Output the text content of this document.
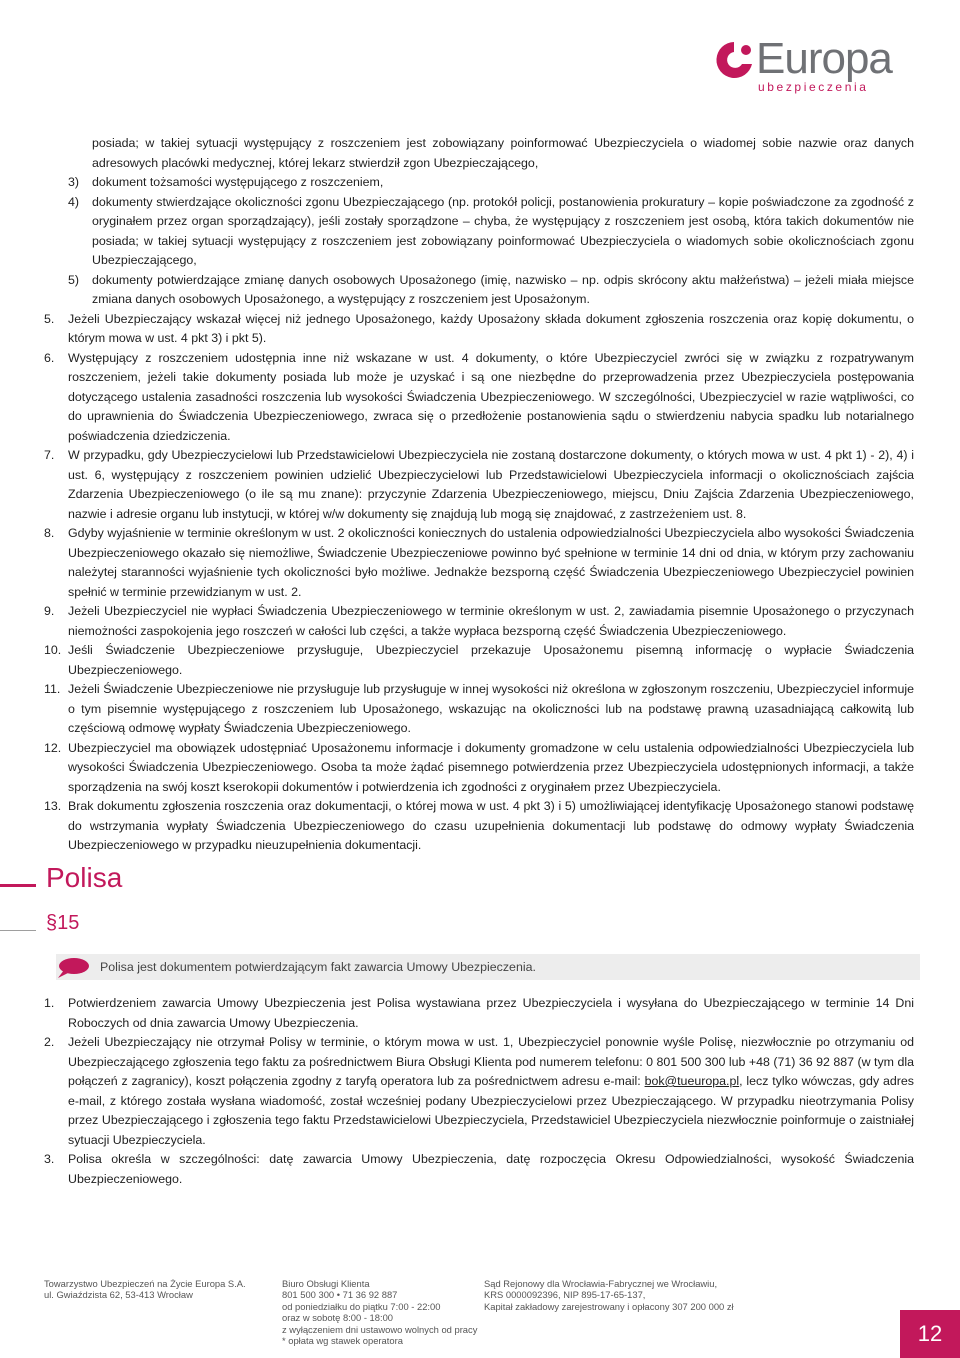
Europa
ubezpieczenia
posiada; w takiej sytuacji występujący z roszczeniem jest zobowiązany poinformować Ubezpieczyciela o wiadomej sobie nazwie oraz danych adresowych placówki medycznej, której lekarz stwierdził zgon Ubezpieczającego,
3)	dokument tożsamości występującego z roszczeniem,
4)	dokumenty stwierdzające okoliczności zgonu Ubezpieczającego (np. protokół policji, postanowienia prokuratury – kopie poświadczone za zgodność z oryginałem przez organ sporządzający), jeśli zostały sporządzone – chyba, że występujący z roszczeniem jest osobą, która takich dokumentów nie posiada; w takiej sytuacji występujący z roszczeniem jest zobowiązany poinformować Ubezpieczyciela o wiadomych sobie okolicznościach zgonu Ubezpieczającego,
5)	dokumenty potwierdzające zmianę danych osobowych Uposażonego (imię, nazwisko – np. odpis skrócony aktu małżeństwa) – jeżeli miała miejsce zmiana danych osobowych Uposażonego, a występujący z roszczeniem jest Uposażonym.
5.	Jeżeli Ubezpieczający wskazał więcej niż jednego Uposażonego, każdy Uposażony składa dokument zgłoszenia roszczenia oraz kopię dokumentu, o którym mowa w ust. 4 pkt 3) i pkt 5).
6.	Występujący z roszczeniem udostępnia inne niż wskazane w ust. 4 dokumenty, o które Ubezpieczyciel zwróci się w związku z rozpatrywanym roszczeniem, jeżeli takie dokumenty posiada lub może je uzyskać i są one niezbędne do przeprowadzenia przez Ubezpieczyciela postępowania dotyczącego ustalenia zasadności roszczenia lub wysokości Świadczenia Ubezpieczeniowego. W szczególności, Ubezpieczyciel w razie wątpliwości, co do uprawnienia do Świadczenia Ubezpieczeniowego, zwraca się o przedłożenie postanowienia sądu o stwierdzeniu nabycia spadku lub notarialnego poświadczenia dziedziczenia.
7.	W przypadku, gdy Ubezpieczycielowi lub Przedstawicielowi Ubezpieczyciela nie zostaną dostarczone dokumenty, o których mowa w ust. 4 pkt 1) - 2), 4) i ust. 6, występujący z roszczeniem powinien udzielić Ubezpieczycielowi lub Przedstawicielowi Ubezpieczyciela informacji o okolicznościach zajścia Zdarzenia Ubezpieczeniowego (o ile są mu znane): przyczynie Zdarzenia Ubezpieczeniowego, miejscu, Dniu Zajścia Zdarzenia Ubezpieczeniowego, nazwie i adresie organu lub instytucji, w której w/w dokumenty się znajdują lub mogą się znajdować, z zastrzeżeniem ust. 8.
8.	Gdyby wyjaśnienie w terminie określonym w ust. 2 okoliczności koniecznych do ustalenia odpowiedzialności Ubezpieczyciela albo wysokości Świadczenia Ubezpieczeniowego okazało się niemożliwe, Świadczenie Ubezpieczeniowe powinno być spełnione w terminie 14 dni od dnia, w którym przy zachowaniu należytej staranności wyjaśnienie tych okoliczności było możliwe. Jednakże bezsporną część Świadczenia Ubezpieczeniowego Ubezpieczyciel powinien spełnić w terminie przewidzianym w ust. 2.
9.	Jeżeli Ubezpieczyciel nie wypłaci Świadczenia Ubezpieczeniowego w terminie określonym w ust. 2, zawiadamia pisemnie Uposażonego o przyczynach niemożności zaspokojenia jego roszczeń w całości lub części, a także wypłaca bezsporną część Świadczenia Ubezpieczeniowego.
10. Jeśli Świadczenie Ubezpieczeniowe przysługuje, Ubezpieczyciel przekazuje Uposażonemu pisemną informację o wypłacie Świadczenia Ubezpieczeniowego.
11. Jeżeli Świadczenie Ubezpieczeniowe nie przysługuje lub przysługuje w innej wysokości niż określona w zgłoszonym roszczeniu, Ubezpieczyciel informuje o tym pisemnie występującego z roszczeniem lub Uposażonego, wskazując na okoliczności lub na podstawę prawną uzasadniającą całkowitą lub częściową odmowę wypłaty Świadczenia Ubezpieczeniowego.
12. Ubezpieczyciel ma obowiązek udostępniać Uposażonemu informacje i dokumenty gromadzone w celu ustalenia odpowiedzialności Ubezpieczyciela lub wysokości Świadczenia Ubezpieczeniowego. Osoba ta może żądać pisemnego potwierdzenia przez Ubezpieczyciela udostępnionych informacji, a także sporządzenia na swój koszt kserokopii dokumentów i potwierdzenia ich zgodności z oryginałem przez Ubezpieczyciela.
13. Brak dokumentu zgłoszenia roszczenia oraz dokumentacji, o której mowa w ust. 4 pkt 3) i 5) umożliwiającej identyfikację Uposażonego stanowi podstawę do wstrzymania wypłaty Świadczenia Ubezpieczeniowego do czasu uzupełnienia dokumentacji lub podstawę do odmowy wypłaty Świadczenia Ubezpieczeniowego w przypadku nieuzupełnienia dokumentacji.
Polisa
§15
Polisa jest dokumentem potwierdzającym fakt zawarcia Umowy Ubezpieczenia.
1.	Potwierdzeniem zawarcia Umowy Ubezpieczenia jest Polisa wystawiana przez Ubezpieczyciela i wysyłana do Ubezpieczającego w terminie 14 Dni Roboczych od dnia zawarcia Umowy Ubezpieczenia.
2.	Jeżeli Ubezpieczający nie otrzymał Polisy w terminie, o którym mowa w ust. 1, Ubezpieczyciel ponownie wyśle Polisę, niezwłocznie po otrzymaniu od Ubezpieczającego zgłoszenia tego faktu za pośrednictwem Biura Obsługi Klienta pod numerem telefonu: 0 801 500 300 lub +48 (71) 36 92 887 (w tym dla połączeń z zagranicy), koszt połączenia zgodny z taryfą operatora lub za pośrednictwem adresu e-mail: bok@tueuropa.pl, lecz tylko wówczas, gdy adres e-mail, z którego została wysłana wiadomość, został wcześniej podany Ubezpieczycielowi przez Ubezpieczającego. W przypadku nieotrzymania Polisy przez Ubezpieczającego i zgłoszenia tego faktu Przedstawicielowi Ubezpieczyciela, Przedstawiciel Ubezpieczyciela niezwłocznie poinformuje o zaistniałej sytuacji Ubezpieczyciela.
3.	Polisa określa w szczególności: datę zawarcia Umowy Ubezpieczenia, datę rozpoczęcia Okresu Odpowiedzialności, wysokość Świadczenia Ubezpieczeniowego.
Towarzystwo Ubezpieczeń na Życie Europa S.A.
ul. Gwiaździsta 62, 53-413 Wrocław
Biuro Obsługi Klienta
801 500 300 • 71 36 92 887
od poniedziałku do piątku 7:00 - 22:00
oraz w sobotę 8:00 - 18:00
z wyłączeniem dni ustawowo wolnych od pracy
* opłata wg stawek operatora
Sąd Rejonowy dla Wrocławia-Fabrycznej we Wrocławiu,
KRS 0000092396, NIP 895-17-65-137,
Kapitał zakładowy zarejestrowany i opłacony 307 200 000 zł
12
